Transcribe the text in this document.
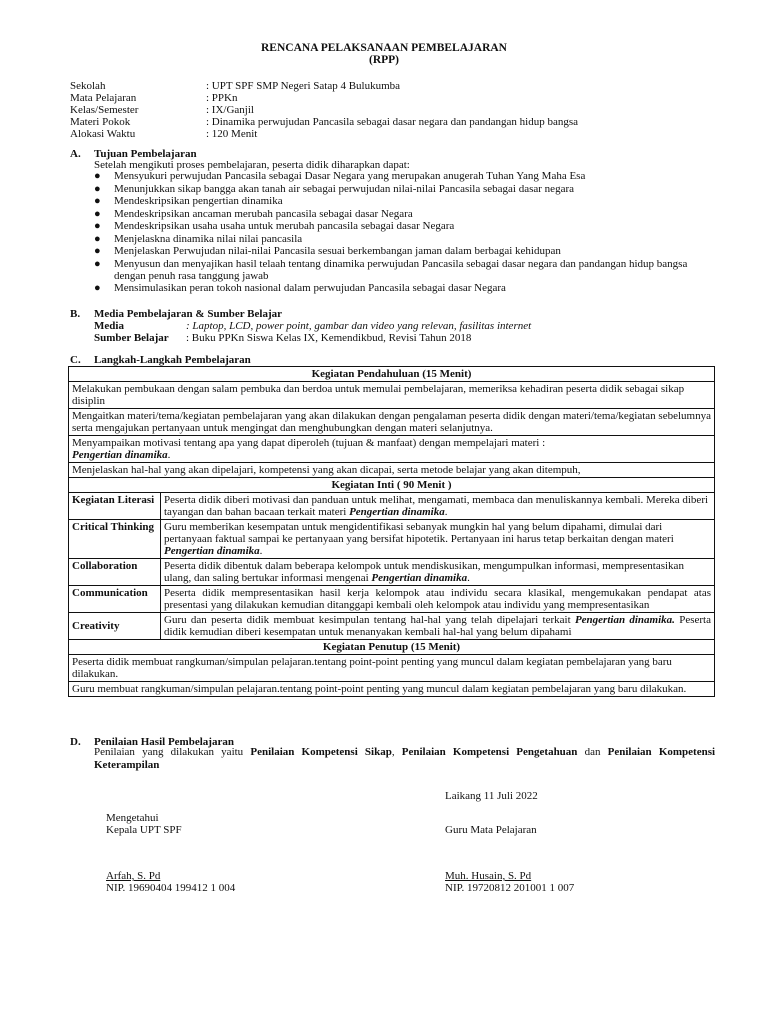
RENCANA PELAKSANAAN PEMBELAJARAN
(RPP)
Sekolah	: UPT SPF SMP Negeri Satap 4 Bulukumba
Mata Pelajaran	: PPKn
Kelas/Semester	: IX/Ganjil
Materi Pokok	: Dinamika perwujudan Pancasila sebagai dasar negara dan pandangan hidup bangsa
Alokasi Waktu	: 120 Menit
A. Tujuan Pembelajaran
Setelah mengikuti proses pembelajaran, peserta didik diharapkan dapat:
● Mensyukuri perwujudan Pancasila sebagai Dasar Negara yang merupakan anugerah Tuhan Yang Maha Esa
● Menunjukkan sikap bangga akan tanah air sebagai perwujudan nilai-nilai Pancasila sebagai dasar negara
● Mendeskripsikan pengertian dinamika
● Mendeskripsikan ancaman merubah pancasila sebagai dasar Negara
● Mendeskripsikan usaha usaha untuk merubah pancasila sebagai dasar Negara
● Menjelaskna dinamika nilai nilai pancasila
● Menjelaskan Perwujudan nilai-nilai Pancasila sesuai berkembangan jaman dalam berbagai kehidupan
● Menyusun dan menyajikan hasil telaah tentang dinamika perwujudan Pancasila sebagai dasar negara dan pandangan hidup bangsa dengan penuh rasa tanggung jawab
● Mensimulasikan peran tokoh nasional dalam perwujudan Pancasila sebagai dasar Negara
B. Media Pembelajaran & Sumber Belajar
Media	: Laptop, LCD, power point, gambar dan video yang relevan, fasilitas internet
Sumber Belajar : Buku PPKn Siswa Kelas IX, Kemendikbud, Revisi Tahun 2018
C. Langkah-Langkah Pembelajaran
Kegiatan Pendahuluan (15 Menit)	
Melakukan pembukaan dengan salam pembuka dan berdoa untuk memulai pembelajaran, memeriksa kehadiran peserta didik sebagai sikap disiplin	
Mengaitkan materi/tema/kegiatan pembelajaran yang akan dilakukan dengan pengalaman peserta didik dengan materi/tema/kegiatan sebelumnya serta mengajukan pertanyaan untuk mengingat dan menghubungkan dengan materi selanjutnya.	
Menyampaikan motivasi tentang apa yang dapat diperoleh (tujuan & manfaat) dengan mempelajari materi :
Pengertian dinamika.	
Menjelaskan hal-hal yang akan dipelajari, kompetensi yang akan dicapai, serta metode belajar yang akan ditempuh,	
Kegiatan Inti ( 90 Menit )	
Kegiatan Literasi	Peserta didik diberi motivasi dan panduan untuk melihat, mengamati, membaca dan menuliskannya kembali. Mereka diberi tayangan dan bahan bacaan terkait materi Pengertian dinamika.
Critical Thinking	Guru memberikan kesempatan untuk mengidentifikasi sebanyak mungkin hal yang belum dipahami, dimulai dari pertanyaan faktual sampai ke pertanyaan yang bersifat hipotetik. Pertanyaan ini harus tetap berkaitan dengan materi Pengertian dinamika.
Collaboration	Peserta didik dibentuk dalam beberapa kelompok untuk mendiskusikan, mengumpulkan informasi, mempresentasikan ulang, dan saling bertukar informasi mengenai Pengertian dinamika.
Communication	Peserta didik mempresentasikan hasil kerja kelompok atau individu secara klasikal, mengemukakan pendapat atas presentasi yang dilakukan kemudian ditanggapi kembali oleh kelompok atau individu yang mempresentasikan
Creativity	Guru dan peserta didik membuat kesimpulan tentang hal-hal yang telah dipelajari terkait Pengertian dinamika. Peserta didik kemudian diberi kesempatan untuk menanyakan kembali hal-hal yang belum dipahami
Kegiatan Penutup (15 Menit)	
Peserta didik membuat rangkuman/simpulan pelajaran.tentang point-point penting yang muncul dalam kegiatan pembelajaran yang baru dilakukan.	
Guru membuat rangkuman/simpulan pelajaran.tentang point-point penting yang muncul dalam kegiatan pembelajaran yang baru dilakukan.	
D. Penilaian Hasil Pembelajaran
Penilaian yang dilakukan yaitu Penilaian Kompetensi Sikap, Penilaian Kompetensi Pengetahuan dan Penilaian Kompetensi Keterampilan
Laikang 11 Juli 2022
Mengetahui
Kepala UPT SPF	Guru Mata Pelajaran
Arfah, S. Pd
NIP. 19690404 199412 1 004
Muh. Husain, S. Pd
NIP. 19720812 201001 1 007
